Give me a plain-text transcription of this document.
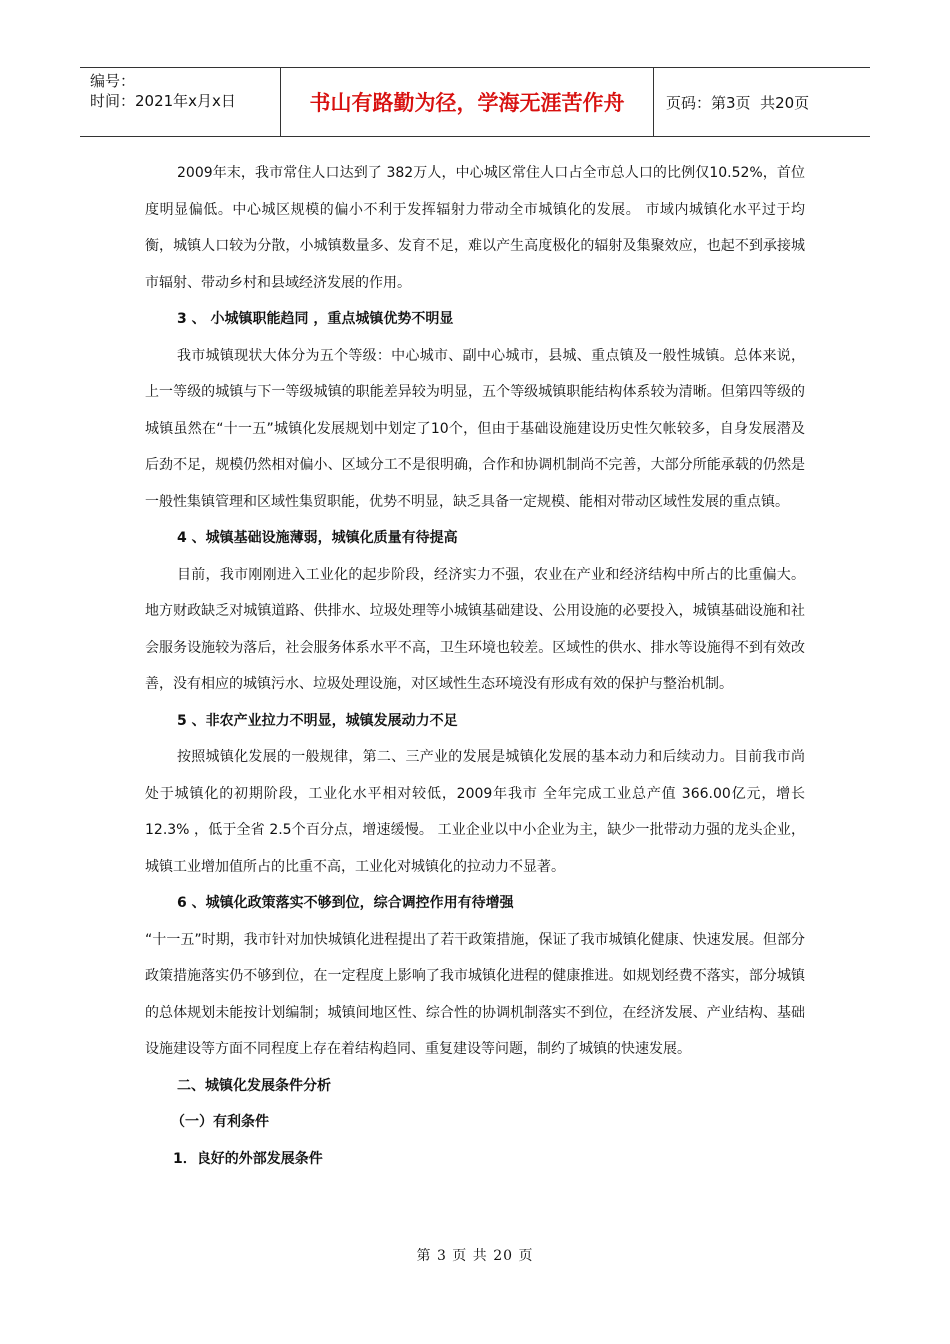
编号：
时间：2021年x月x日	书山有路勤为径，学海无涯苦作舟	页码：第3页  共20页

2009年末，我市常住人口达到了 382万人，中心城区常住人口占全市总人口的比例仅10.52%，首位度明显偏低。中心城区规模的偏小不利于发挥辐射力带动全市城镇化的发展。 市域内城镇化水平过于均衡，城镇人口较为分散，小城镇数量多、发育不足，难以产生高度极化的辐射及集聚效应，也起不到承接城市辐射、带动乡村和县域经济发展的作用。

3 、 小城镇职能趋同 ，重点城镇优势不明显

我市城镇现状大体分为五个等级：中心城市、副中心城市，县城、重点镇及一般性城镇。总体来说，上一等级的城镇与下一等级城镇的职能差异较为明显，五个等级城镇职能结构体系较为清晰。但第四等级的城镇虽然在“十一五”城镇化发展规划中划定了10个，但由于基础设施建设历史性欠帐较多，自身发展潜及后劲不足，规模仍然相对偏小、区域分工不是很明确，合作和协调机制尚不完善，大部分所能承载的仍然是一般性集镇管理和区域性集贸职能，优势不明显，缺乏具备一定规模、能相对带动区域性发展的重点镇。

4 、城镇基础设施薄弱，城镇化质量有待提高

目前，我市刚刚进入工业化的起步阶段，经济实力不强，农业在产业和经济结构中所占的比重偏大。地方财政缺乏对城镇道路、供排水、垃圾处理等小城镇基础建设、公用设施的必要投入，城镇基础设施和社会服务设施较为落后，社会服务体系水平不高，卫生环境也较差。区域性的供水、排水等设施得不到有效改善，没有相应的城镇污水、垃圾处理设施，对区域性生态环境没有形成有效的保护与整治机制。

5 、非农产业拉力不明显，城镇发展动力不足

按照城镇化发展的一般规律，第二、三产业的发展是城镇化发展的基本动力和后续动力。目前我市尚处于城镇化的初期阶段，工业化水平相对较低，2009年我市 全年完成工业总产值 366.00亿元，增长12.3% ，低于全省 2.5个百分点，增速缓慢。 工业企业以中小企业为主，缺少一批带动力强的龙头企业，城镇工业增加值所占的比重不高，工业化对城镇化的拉动力不显著。

6 、城镇化政策落实不够到位，综合调控作用有待增强

“十一五”时期，我市针对加快城镇化进程提出了若干政策措施，保证了我市城镇化健康、快速发展。但部分政策措施落实仍不够到位，在一定程度上影响了我市城镇化进程的健康推进。如规划经费不落实，部分城镇的总体规划未能按计划编制；城镇间地区性、综合性的协调机制落实不到位，在经济发展、产业结构、基础设施建设等方面不同程度上存在着结构趋同、重复建设等问题，制约了城镇的快速发展。

二、城镇化发展条件分析

（一）有利条件

1．良好的外部发展条件

第 3 页 共 20 页
